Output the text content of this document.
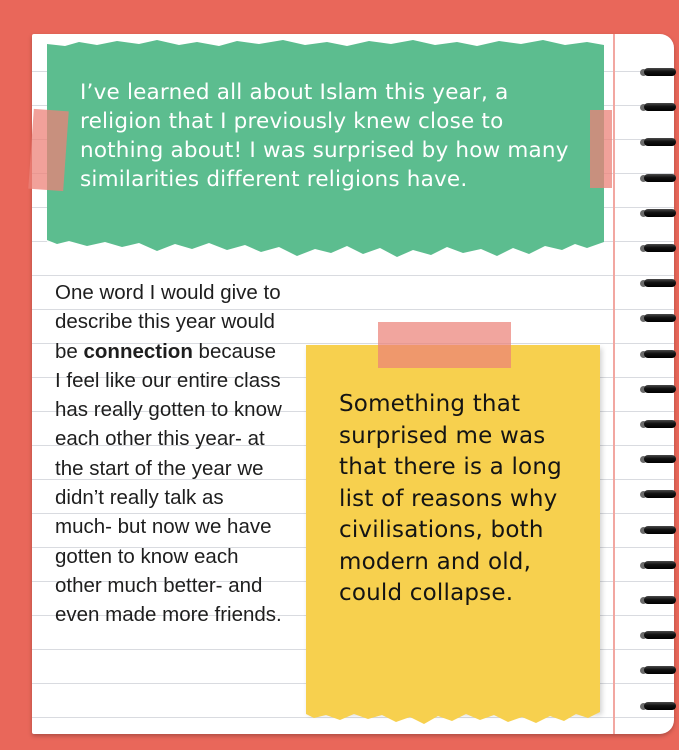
I’ve learned all about Islam this year, a religion that I previously knew close to nothing about! I was surprised by how many similarities different religions have.
One word I would give to describe this year would be connection because I feel like our entire class has really gotten to know each other this year- at the start of the year we didn’t really talk as much- but now we have gotten to know each other much better- and even made more friends.
Something that surprised me was that there is a long list of reasons why civilisations, both modern and old, could collapse.
